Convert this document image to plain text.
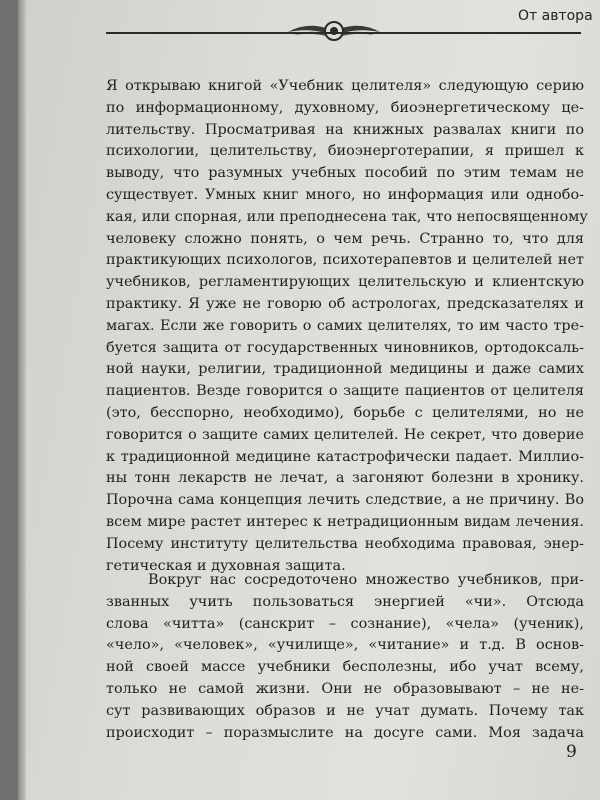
От автора
Я открываю книгой «Учебник целителя» следующую серию
по информационному, духовному, биоэнергетическому це-
лительству. Просматривая на книжных развалах книги по
психологии, целительству, биоэнерготерапии, я пришел к
выводу, что разумных учебных пособий по этим темам не
существует. Умных книг много, но информация или однобо-
кая, или спорная, или преподнесена так, что непосвященному
человеку сложно понять, о чем речь. Странно то, что для
практикующих психологов, психотерапевтов и целителей нет
учебников, регламентирующих целительскую и клиентскую
практику. Я уже не говорю об астрологах, предсказателях и
магах. Если же говорить о самих целителях, то им часто тре-
буется защита от государственных чиновников, ортодоксаль-
ной науки, религии, традиционной медицины и даже самих
пациентов. Везде говорится о защите пациентов от целителя
(это, бесспорно, необходимо), борьбе с целителями, но не
говорится о защите самих целителей. Не секрет, что доверие
к традиционной медицине катастрофически падает. Миллио-
ны тонн лекарств не лечат, а загоняют болезни в хронику.
Порочна сама концепция лечить следствие, а не причину. Во
всем мире растет интерес к нетрадиционным видам лечения.
Посему институту целительства необходима правовая, энер-
гетическая и духовная защита.
Вокруг нас сосредоточено множество учебников, при-
званных учить пользоваться энергией «чи». Отсюда
слова «читта» (санскрит – сознание), «чела» (ученик),
«чело», «человек», «училище», «читание» и т.д. В основ-
ной своей массе учебники бесполезны, ибо учат всему,
только не самой жизни. Они не образовывают – не не-
сут развивающих образов и не учат думать. Почему так
происходит – поразмыслите на досуге сами. Моя задача
9
